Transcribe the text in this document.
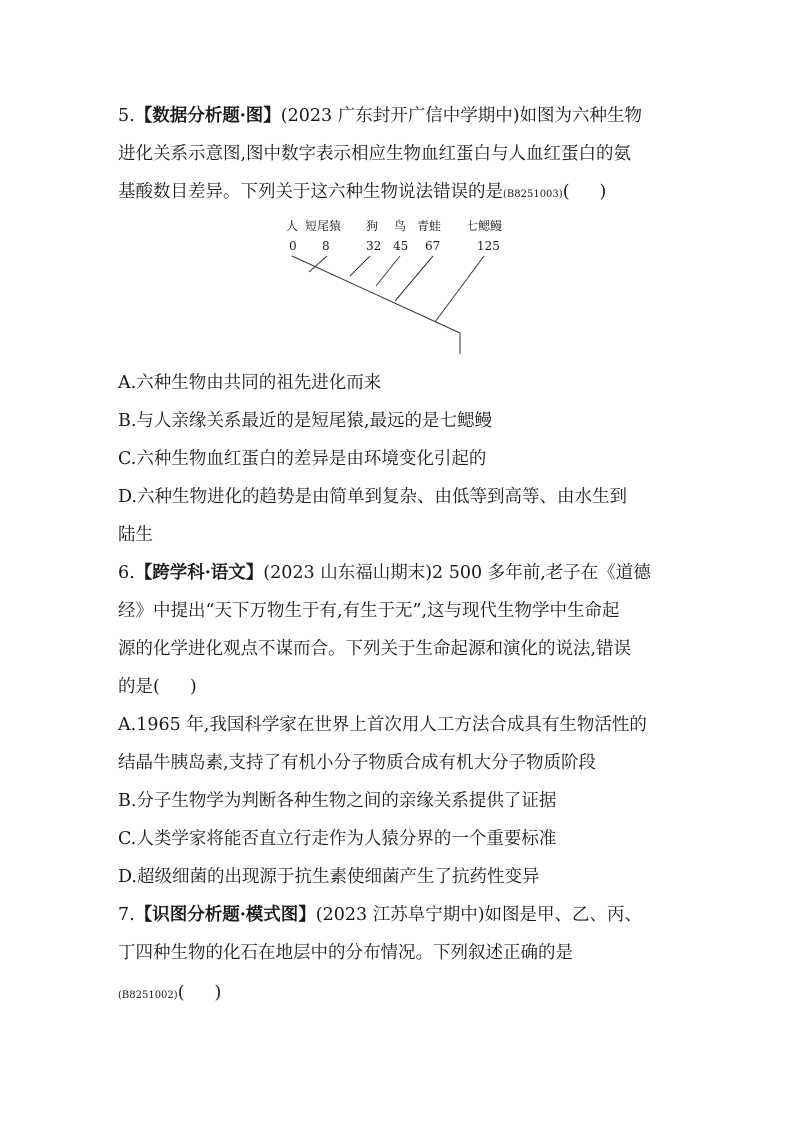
5.【数据分析题·图】(2023 广东封开广信中学期中)如图为六种生物
进化关系示意图,图中数字表示相应生物血红蛋白与人血红蛋白的氨
基酸数目差异。下列关于这六种生物说法错误的是(B8251003)( )
人 短尾猿 狗 鸟 青蛙 七鳃鳗
0 8	32 45 67	125
A.六种生物由共同的祖先进化而来
B.与人亲缘关系最近的是短尾猿,最远的是七鳃鳗
C.六种生物血红蛋白的差异是由环境变化引起的
D.六种生物进化的趋势是由简单到复杂、由低等到高等、由水生到
陆生
6.【跨学科·语文】(2023 山东福山期末)2 500 多年前,老子在《道德
经》中提出“天下万物生于有,有生于无”,这与现代生物学中生命起
源的化学进化观点不谋而合。下列关于生命起源和演化的说法,错误
的是( )
A.1965 年,我国科学家在世界上首次用人工方法合成具有生物活性的
结晶牛胰岛素,支持了有机小分子物质合成有机大分子物质阶段
B.分子生物学为判断各种生物之间的亲缘关系提供了证据
C.人类学家将能否直立行走作为人猿分界的一个重要标准
D.超级细菌的出现源于抗生素使细菌产生了抗药性变异
7.【识图分析题·模式图】(2023 江苏阜宁期中)如图是甲、乙、丙、
丁四种生物的化石在地层中的分布情况。下列叙述正确的是
(B8251002)( )
